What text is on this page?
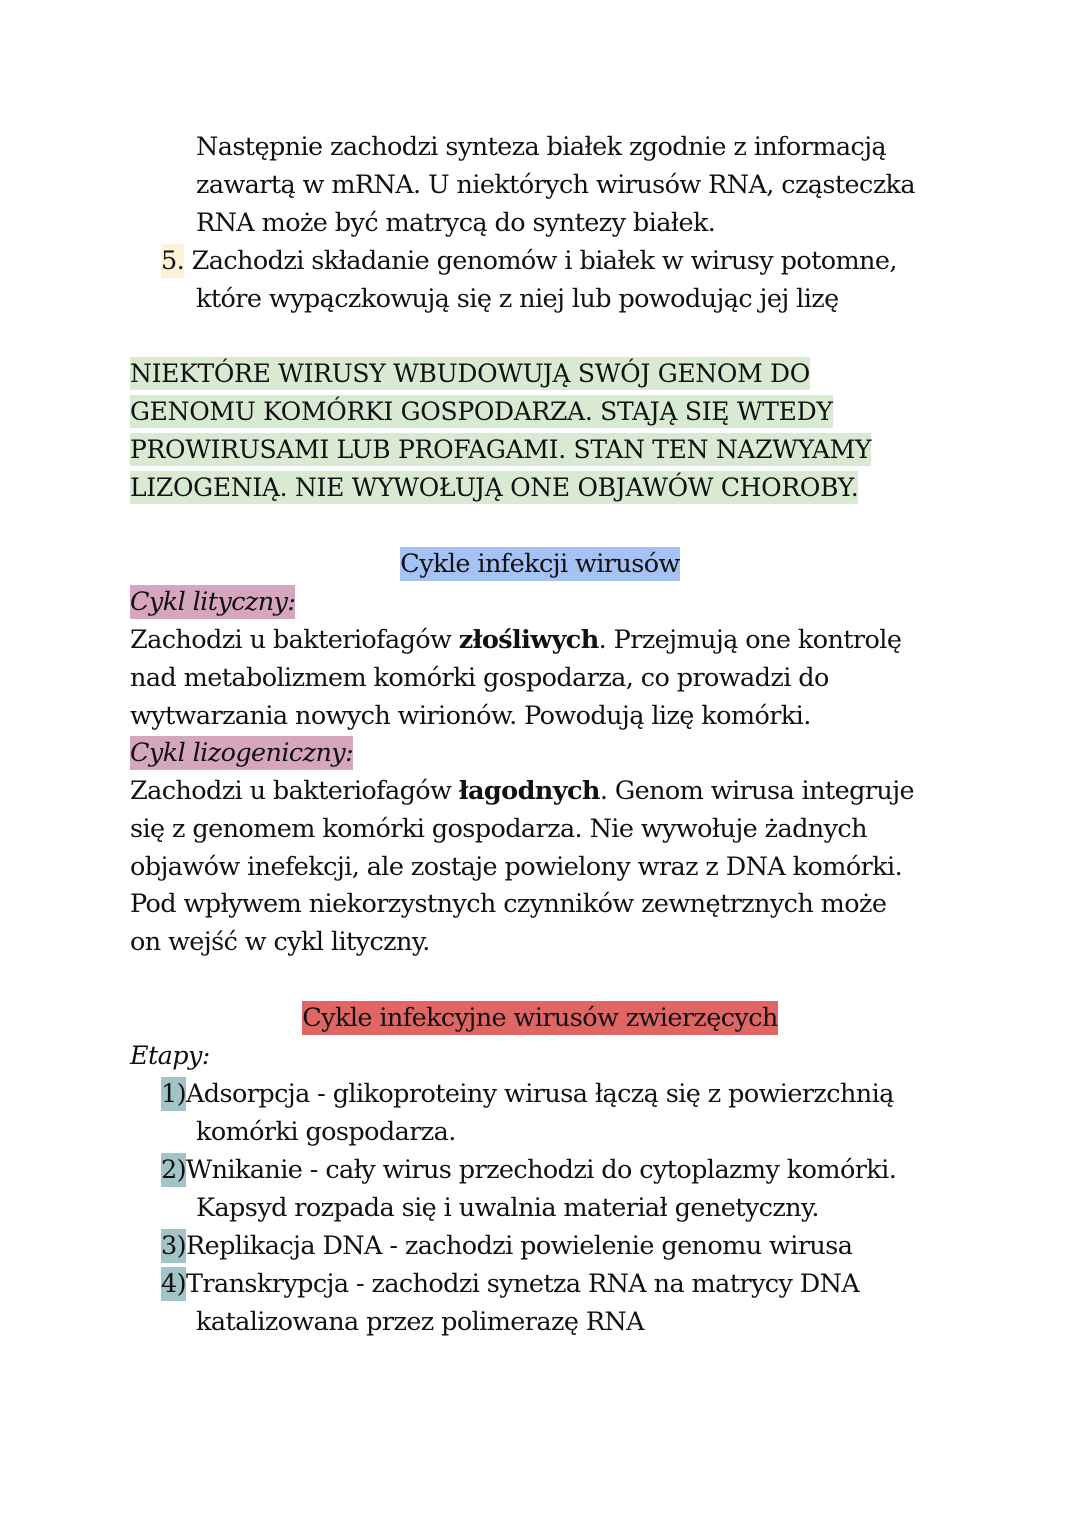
Następnie zachodzi synteza białek zgodnie z informacją
zawartą w mRNA. U niektórych wirusów RNA, cząsteczka
RNA może być matrycą do syntezy białek.
5. Zachodzi składanie genomów i białek w wirusy potomne,
które wypączkowują się z niej lub powodując jej lizę
NIEKTÓRE WIRUSY WBUDOWUJĄ SWÓJ GENOM DO
GENOMU KOMÓRKI GOSPODARZA. STAJĄ SIĘ WTEDY
PROWIRUSAMI LUB PROFAGAMI. STAN TEN NAZWYAMY
LIZOGENIĄ. NIE WYWOŁUJĄ ONE OBJAWÓW CHOROBY.
Cykle infekcji wirusów
Cykl lityczny:
Zachodzi u bakteriofagów złośliwych. Przejmują one kontrolę
nad metabolizmem komórki gospodarza, co prowadzi do
wytwarzania nowych wirionów. Powodują lizę komórki.
Cykl lizogeniczny:
Zachodzi u bakteriofagów łagodnych. Genom wirusa integruje
się z genomem komórki gospodarza. Nie wywołuje żadnych
objawów inefekcji, ale zostaje powielony wraz z DNA komórki.
Pod wpływem niekorzystnych czynników zewnętrznych może
on wejść w cykl lityczny.
Cykle infekcyjne wirusów zwierzęcych
Etapy:
1)Adsorpcja - glikoproteiny wirusa łączą się z powierzchnią
komórki gospodarza.
2)Wnikanie - cały wirus przechodzi do cytoplazmy komórki.
Kapsyd rozpada się i uwalnia materiał genetyczny.
3)Replikacja DNA - zachodzi powielenie genomu wirusa
4)Transkrypcja - zachodzi synetza RNA na matrycy DNA
katalizowana przez polimerazę RNA
